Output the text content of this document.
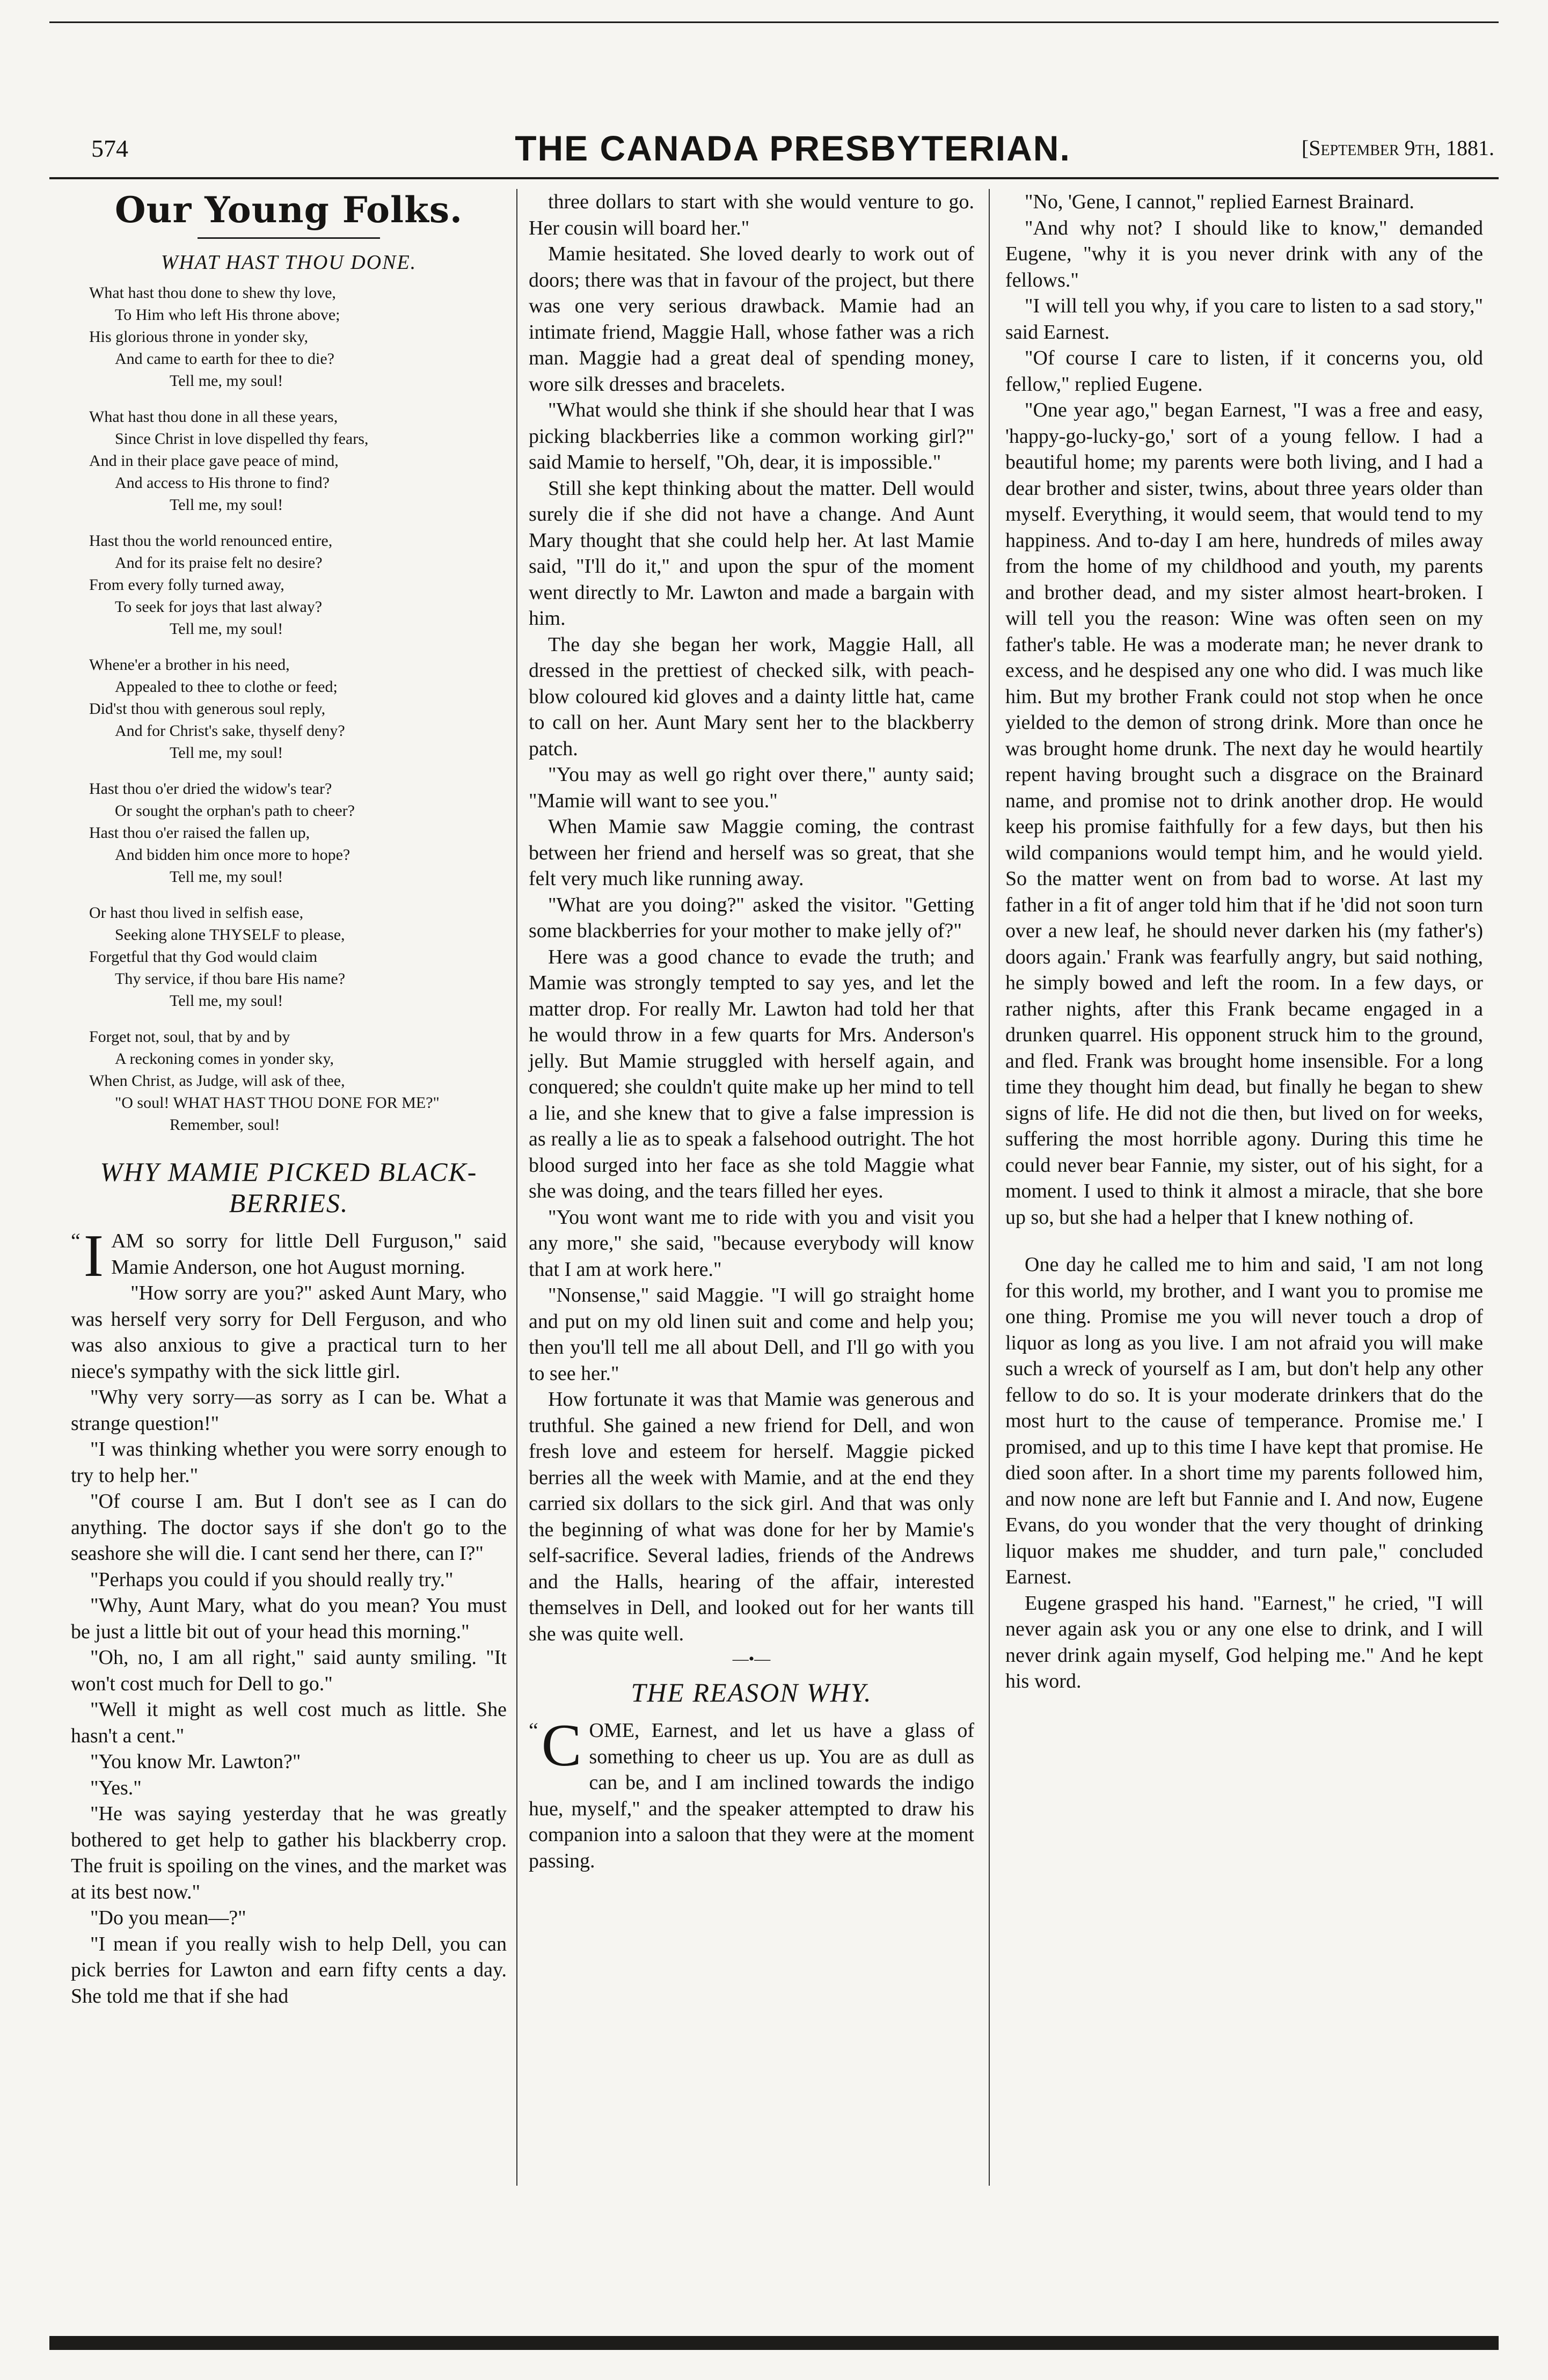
574	THE CANADA PRESBYTERIAN.	[September 9th, 1881.
Our Young Folks.
WHAT HAST THOU DONE.
What hast thou done to shew thy love,
To Him who left His throne above;
His glorious throne in yonder sky,
And came to earth for thee to die?
Tell me, my soul!
What hast thou done in all these years,
Since Christ in love dispelled thy fears,
And in their place gave peace of mind,
And access to His throne to find?
Tell me, my soul!
Hast thou the world renounced entire,
And for its praise felt no desire?
From every folly turned away,
To seek for joys that last alway?
Tell me, my soul!
Whene'er a brother in his need,
Appealed to thee to clothe or feed;
Did'st thou with generous soul reply,
And for Christ's sake, thyself deny?
Tell me, my soul!
Hast thou o'er dried the widow's tear?
Or sought the orphan's path to cheer?
Hast thou o'er raised the fallen up,
And bidden him once more to hope?
Tell me, my soul!
Or hast thou lived in selfish ease,
Seeking alone THYSELF to please,
Forgetful that thy God would claim
Thy service, if thou bare His name?
Tell me, my soul!
Forget not, soul, that by and by
A reckoning comes in yonder sky,
When Christ, as Judge, will ask of thee,
"O soul! WHAT HAST THOU DONE FOR ME?"
Remember, soul!
WHY MAMIE PICKED BLACK-BERRIES.

“ I AM so sorry for little Dell Furguson," said Mamie Anderson, one hot August morning.

"How sorry are you?" asked Aunt Mary, who was herself very sorry for Dell Ferguson, and who was also anxious to give a practical turn to her niece's sympathy with the sick little girl.

"Why very sorry—as sorry as I can be. What a strange question!"

"I was thinking whether you were sorry enough to try to help her."

"Of course I am. But I don't see as I can do anything. The doctor says if she don't go to the seashore she will die. I cant send her there, can I?"

"Perhaps you could if you should really try."

"Why, Aunt Mary, what do you mean? You must be just a little bit out of your head this morning."

"Oh, no, I am all right," said aunty smiling. "It won't cost much for Dell to go."

"Well it might as well cost much as little. She hasn't a cent."

"You know Mr. Lawton?"

"Yes."

"He was saying yesterday that he was greatly bothered to get help to gather his blackberry crop. The fruit is spoiling on the vines, and the market was at its best now."

"Do you mean—?"

"I mean if you really wish to help Dell, you can pick berries for Lawton and earn fifty cents a day. She told me that if she had

three dollars to start with she would venture to go. Her cousin will board her."

Mamie hesitated. She loved dearly to work out of doors; there was that in favour of the project, but there was one very serious drawback. Mamie had an intimate friend, Maggie Hall, whose father was a rich man. Maggie had a great deal of spending money, wore silk dresses and bracelets.

"What would she think if she should hear that I was picking blackberries like a common working girl?" said Mamie to herself, "Oh, dear, it is impossible."

Still she kept thinking about the matter. Dell would surely die if she did not have a change. And Aunt Mary thought that she could help her. At last Mamie said, "I'll do it," and upon the spur of the moment went directly to Mr. Lawton and made a bargain with him.

The day she began her work, Maggie Hall, all dressed in the prettiest of checked silk, with peach-blow coloured kid gloves and a dainty little hat, came to call on her. Aunt Mary sent her to the blackberry patch.

"You may as well go right over there," aunty said; "Mamie will want to see you."

When Mamie saw Maggie coming, the contrast between her friend and herself was so great, that she felt very much like running away.

"What are you doing?" asked the visitor. "Getting some blackberries for your mother to make jelly of?"

Here was a good chance to evade the truth; and Mamie was strongly tempted to say yes, and let the matter drop. For really Mr. Lawton had told her that he would throw in a few quarts for Mrs. Anderson's jelly. But Mamie struggled with herself again, and conquered; she couldn't quite make up her mind to tell a lie, and she knew that to give a false impression is as really a lie as to speak a falsehood outright. The hot blood surged into her face as she told Maggie what she was doing, and the tears filled her eyes.

"You wont want me to ride with you and visit you any more," she said, "because everybody will know that I am at work here."

"Nonsense," said Maggie. "I will go straight home and put on my old linen suit and come and help you; then you'll tell me all about Dell, and I'll go with you to see her."

How fortunate it was that Mamie was generous and truthful. She gained a new friend for Dell, and won fresh love and esteem for herself. Maggie picked berries all the week with Mamie, and at the end they carried six dollars to the sick girl. And that was only the beginning of what was done for her by Mamie's self-sacrifice. Several ladies, friends of the Andrews and the Halls, hearing of the affair, interested themselves in Dell, and looked out for her wants till she was quite well.

—•—
THE REASON WHY.

“ C OME, Earnest, and let us have a glass of something to cheer us up. You are as dull as can be, and I am inclined towards the indigo hue, myself," and the speaker attempted to draw his companion into a saloon that they were at the moment passing.

"No, 'Gene, I cannot," replied Earnest Brainard.

"And why not? I should like to know," demanded Eugene, "why it is you never drink with any of the fellows."

"I will tell you why, if you care to listen to a sad story," said Earnest.

"Of course I care to listen, if it concerns you, old fellow," replied Eugene.

"One year ago," began Earnest, "I was a free and easy, 'happy-go-lucky-go,' sort of a young fellow. I had a beautiful home; my parents were both living, and I had a dear brother and sister, twins, about three years older than myself. Everything, it would seem, that would tend to my happiness. And to-day I am here, hundreds of miles away from the home of my childhood and youth, my parents and brother dead, and my sister almost heart-broken. I will tell you the reason: Wine was often seen on my father's table. He was a moderate man; he never drank to excess, and he despised any one who did. I was much like him. But my brother Frank could not stop when he once yielded to the demon of strong drink. More than once he was brought home drunk. The next day he would heartily repent having brought such a disgrace on the Brainard name, and promise not to drink another drop. He would keep his promise faithfully for a few days, but then his wild companions would tempt him, and he would yield. So the matter went on from bad to worse. At last my father in a fit of anger told him that if he 'did not soon turn over a new leaf, he should never darken his (my father's) doors again.' Frank was fearfully angry, but said nothing, he simply bowed and left the room. In a few days, or rather nights, after this Frank became engaged in a drunken quarrel. His opponent struck him to the ground, and fled. Frank was brought home insensible. For a long time they thought him dead, but finally he began to shew signs of life. He did not die then, but lived on for weeks, suffering the most horrible agony. During this time he could never bear Fannie, my sister, out of his sight, for a moment. I used to think it almost a miracle, that she bore up so, but she had a helper that I knew nothing of.

One day he called me to him and said, 'I am not long for this world, my brother, and I want you to promise me one thing. Promise me you will never touch a drop of liquor as long as you live. I am not afraid you will make such a wreck of yourself as I am, but don't help any other fellow to do so. It is your moderate drinkers that do the most hurt to the cause of temperance. Promise me.' I promised, and up to this time I have kept that promise. He died soon after. In a short time my parents followed him, and now none are left but Fannie and I. And now, Eugene Evans, do you wonder that the very thought of drinking liquor makes me shudder, and turn pale," concluded Earnest.

Eugene grasped his hand. "Earnest," he cried, "I will never again ask you or any one else to drink, and I will never drink again myself, God helping me." And he kept his word.
